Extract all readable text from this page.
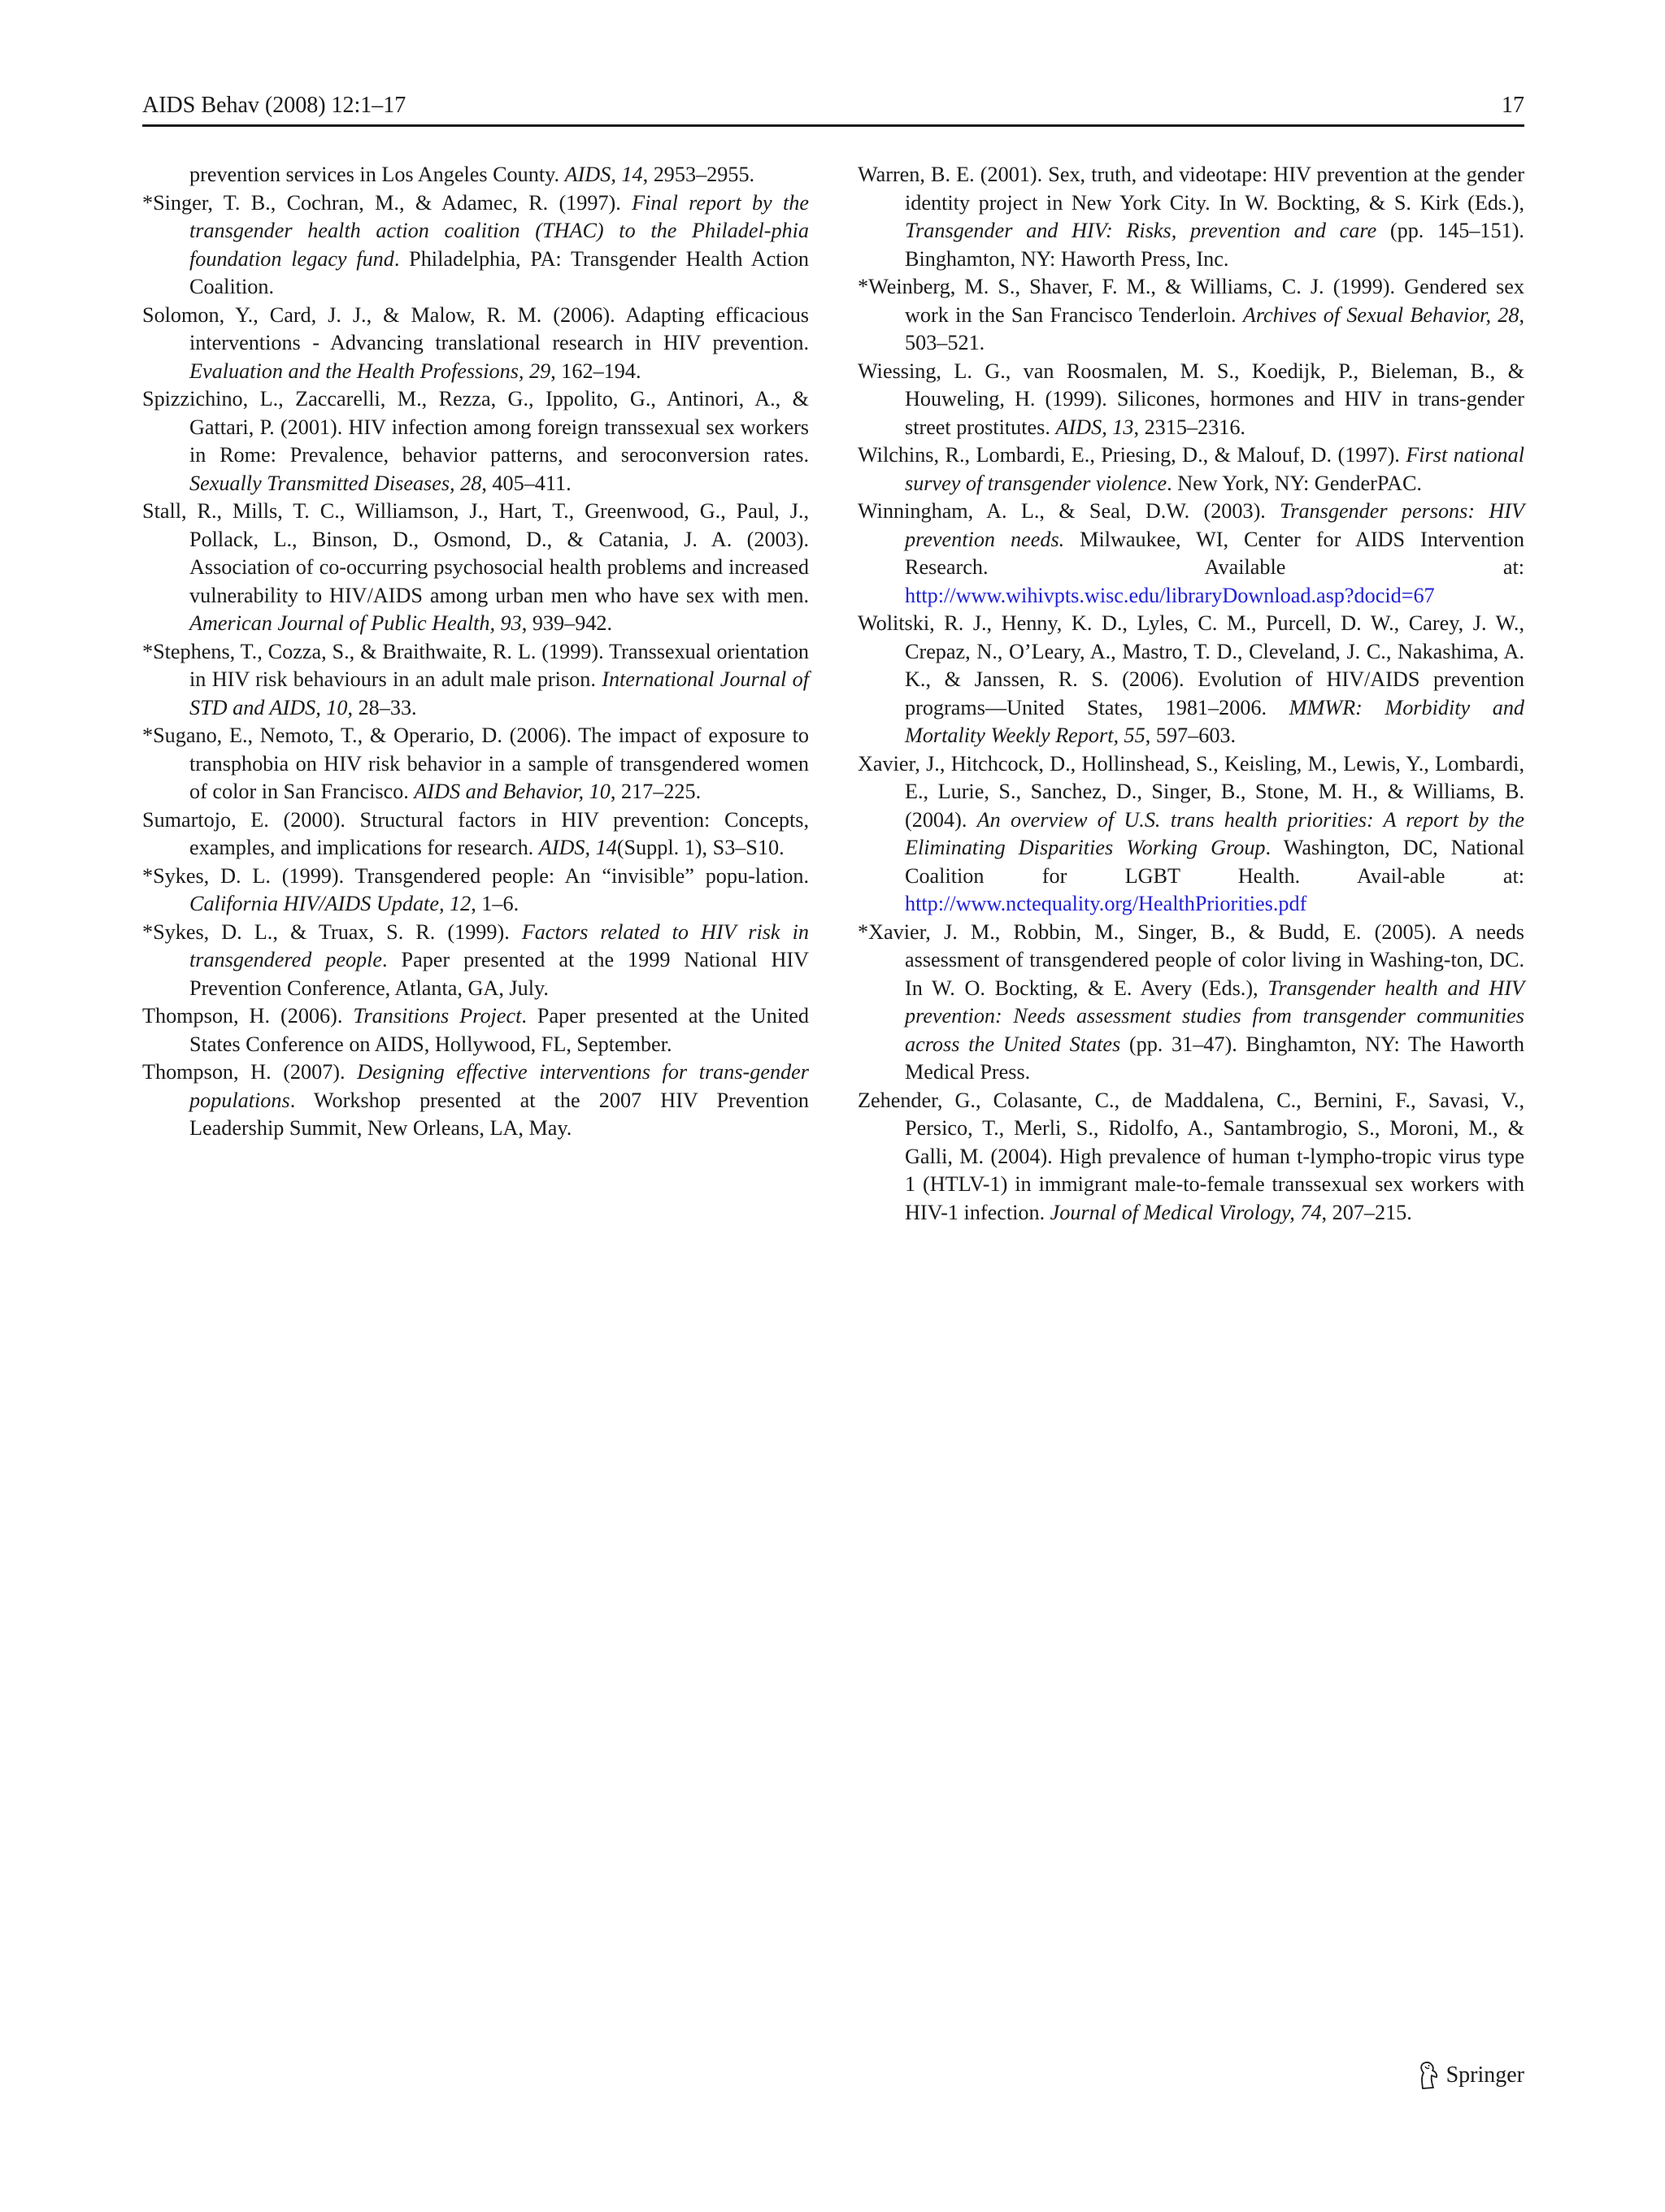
AIDS Behav (2008) 12:1–17	17

prevention services in Los Angeles County. AIDS, 14, 2953–2955.

*Singer, T. B., Cochran, M., & Adamec, R. (1997). Final report by the transgender health action coalition (THAC) to the Philadel-phia foundation legacy fund. Philadelphia, PA: Transgender Health Action Coalition.

Solomon, Y., Card, J. J., & Malow, R. M. (2006). Adapting efficacious interventions - Advancing translational research in HIV prevention. Evaluation and the Health Professions, 29, 162–194.

Spizzichino, L., Zaccarelli, M., Rezza, G., Ippolito, G., Antinori, A., & Gattari, P. (2001). HIV infection among foreign transsexual sex workers in Rome: Prevalence, behavior patterns, and seroconversion rates. Sexually Transmitted Diseases, 28, 405–411.

Stall, R., Mills, T. C., Williamson, J., Hart, T., Greenwood, G., Paul, J., Pollack, L., Binson, D., Osmond, D., & Catania, J. A. (2003). Association of co-occurring psychosocial health problems and increased vulnerability to HIV/AIDS among urban men who have sex with men. American Journal of Public Health, 93, 939–942.

*Stephens, T., Cozza, S., & Braithwaite, R. L. (1999). Transsexual orientation in HIV risk behaviours in an adult male prison. International Journal of STD and AIDS, 10, 28–33.

*Sugano, E., Nemoto, T., & Operario, D. (2006). The impact of exposure to transphobia on HIV risk behavior in a sample of transgendered women of color in San Francisco. AIDS and Behavior, 10, 217–225.

Sumartojo, E. (2000). Structural factors in HIV prevention: Concepts, examples, and implications for research. AIDS, 14(Suppl. 1), S3–S10.

*Sykes, D. L. (1999). Transgendered people: An “invisible” popu-lation. California HIV/AIDS Update, 12, 1–6.

*Sykes, D. L., & Truax, S. R. (1999). Factors related to HIV risk in transgendered people. Paper presented at the 1999 National HIV Prevention Conference, Atlanta, GA, July.

Thompson, H. (2006). Transitions Project. Paper presented at the United States Conference on AIDS, Hollywood, FL, September.

Thompson, H. (2007). Designing effective interventions for trans-gender populations. Workshop presented at the 2007 HIV Prevention Leadership Summit, New Orleans, LA, May.

Warren, B. E. (2001). Sex, truth, and videotape: HIV prevention at the gender identity project in New York City. In W. Bockting, & S. Kirk (Eds.), Transgender and HIV: Risks, prevention and care (pp. 145–151). Binghamton, NY: Haworth Press, Inc.

*Weinberg, M. S., Shaver, F. M., & Williams, C. J. (1999). Gendered sex work in the San Francisco Tenderloin. Archives of Sexual Behavior, 28, 503–521.

Wiessing, L. G., van Roosmalen, M. S., Koedijk, P., Bieleman, B., & Houweling, H. (1999). Silicones, hormones and HIV in trans-gender street prostitutes. AIDS, 13, 2315–2316.

Wilchins, R., Lombardi, E., Priesing, D., & Malouf, D. (1997). First national survey of transgender violence. New York, NY: GenderPAC.

Winningham, A. L., & Seal, D.W. (2003). Transgender persons: HIV prevention needs. Milwaukee, WI, Center for AIDS Intervention Research. Available at: http://www.wihivpts.wisc.edu/libraryDownload.asp?docid=67

Wolitski, R. J., Henny, K. D., Lyles, C. M., Purcell, D. W., Carey, J. W., Crepaz, N., O’Leary, A., Mastro, T. D., Cleveland, J. C., Nakashima, A. K., & Janssen, R. S. (2006). Evolution of HIV/AIDS prevention programs—United States, 1981–2006. MMWR: Morbidity and Mortality Weekly Report, 55, 597–603.

Xavier, J., Hitchcock, D., Hollinshead, S., Keisling, M., Lewis, Y., Lombardi, E., Lurie, S., Sanchez, D., Singer, B., Stone, M. H., & Williams, B. (2004). An overview of U.S. trans health priorities: A report by the Eliminating Disparities Working Group. Washington, DC, National Coalition for LGBT Health. Avail-able at: http://www.nctequality.org/HealthPriorities.pdf

*Xavier, J. M., Robbin, M., Singer, B., & Budd, E. (2005). A needs assessment of transgendered people of color living in Washing-ton, DC. In W. O. Bockting, & E. Avery (Eds.), Transgender health and HIV prevention: Needs assessment studies from transgender communities across the United States (pp. 31–47). Binghamton, NY: The Haworth Medical Press.

Zehender, G., Colasante, C., de Maddalena, C., Bernini, F., Savasi, V., Persico, T., Merli, S., Ridolfo, A., Santambrogio, S., Moroni, M., & Galli, M. (2004). High prevalence of human t-lympho-tropic virus type 1 (HTLV-1) in immigrant male-to-female transsexual sex workers with HIV-1 infection. Journal of Medical Virology, 74, 207–215.

Springer
